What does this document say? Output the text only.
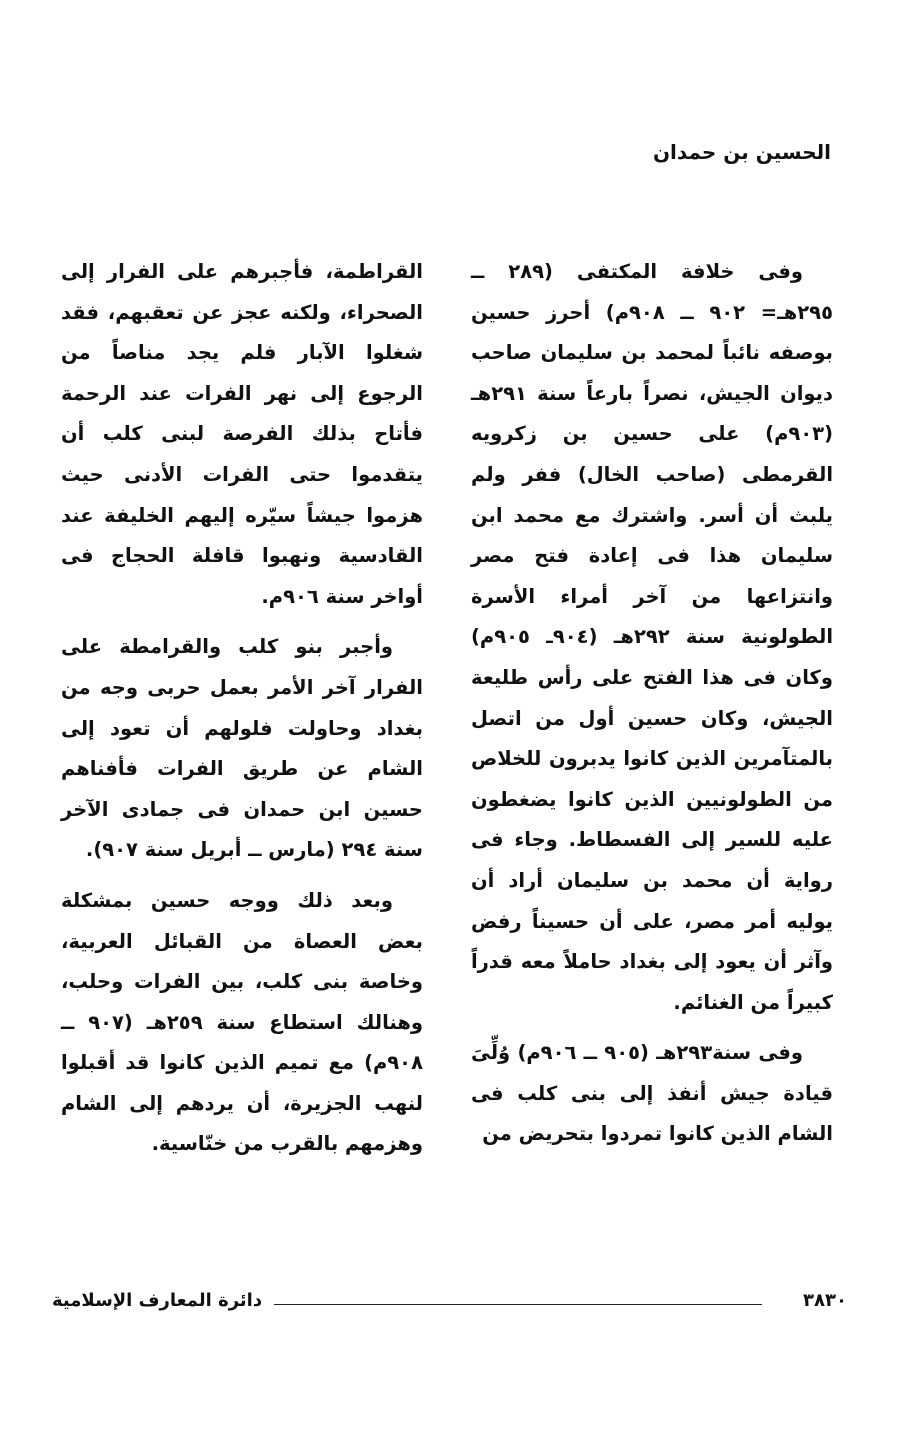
الحسين بن حمدان

وفى خلافة المكتفى (٢٨٩ ــ ٢٩٥هـ= ٩٠٢ ــ ٩٠٨م) أحرز حسين بوصفه نائباً لمحمد بن سليمان صاحب ديوان الجيش، نصراً بارعاً سنة ٢٩١هـ (٩٠٣م) على حسين بن زكرويه القرمطى (صاحب الخال) ففر ولم يلبث أن أسر. واشترك مع محمد ابن سليمان هذا فى إعادة فتح مصر وانتزاعها من آخر أمراء الأسرة الطولونية سنة ٢٩٢هـ (٩٠٤ـ ٩٠٥م) وكان فى هذا الفتح على رأس طليعة الجيش، وكان حسين أول من اتصل بالمتآمرين الذين كانوا يدبرون للخلاص من الطولونيين الذين كانوا يضغطون عليه للسير إلى الفسطاط. وجاء فى رواية أن محمد بن سليمان أراد أن يوليه أمر مصر، على أن حسيناً رفض وآثر أن يعود إلى بغداد حاملاً معه قدراً كبيراً من الغنائم.

وفى سنة٢٩٣هـ (٩٠٥ ــ ٩٠٦م) وُلِّىَ قيادة جيش أنفذ إلى بنى كلب فى الشام الذين كانوا تمردوا بتحريض من

القراطمة، فأجبرهم على الفرار إلى الصحراء، ولكنه عجز عن تعقبهم، فقد شغلوا الآبار فلم يجد مناصاً من الرجوع إلى نهر الفرات عند الرحمة فأتاح بذلك الفرصة لبنى كلب أن يتقدموا حتى الفرات الأدنى حيث هزموا جيشاً سيّره إليهم الخليفة عند القادسية ونهبوا قافلة الحجاج فى أواخر سنة ٩٠٦م.

وأجبر بنو كلب والقرامطة على الفرار آخر الأمر بعمل حربى وجه من بغداد وحاولت فلولهم أن تعود إلى الشام عن طريق الفرات فأفناهم حسين ابن حمدان فى جمادى الآخر سنة ٢٩٤ (مارس ــ أبريل سنة ٩٠٧).

وبعد ذلك ووجه حسين بمشكلة بعض العصاة من القبائل العربية، وخاصة بنى كلب، بين الفرات وحلب، وهنالك استطاع سنة ٢٥٩هـ (٩٠٧ ــ ٩٠٨م) مع تميم الذين كانوا قد أقبلوا لنهب الجزيرة، أن يردهم إلى الشام وهزمهم بالقرب من خنّاسية.

دائرة المعارف الإسلامية	٣٨٣٠
